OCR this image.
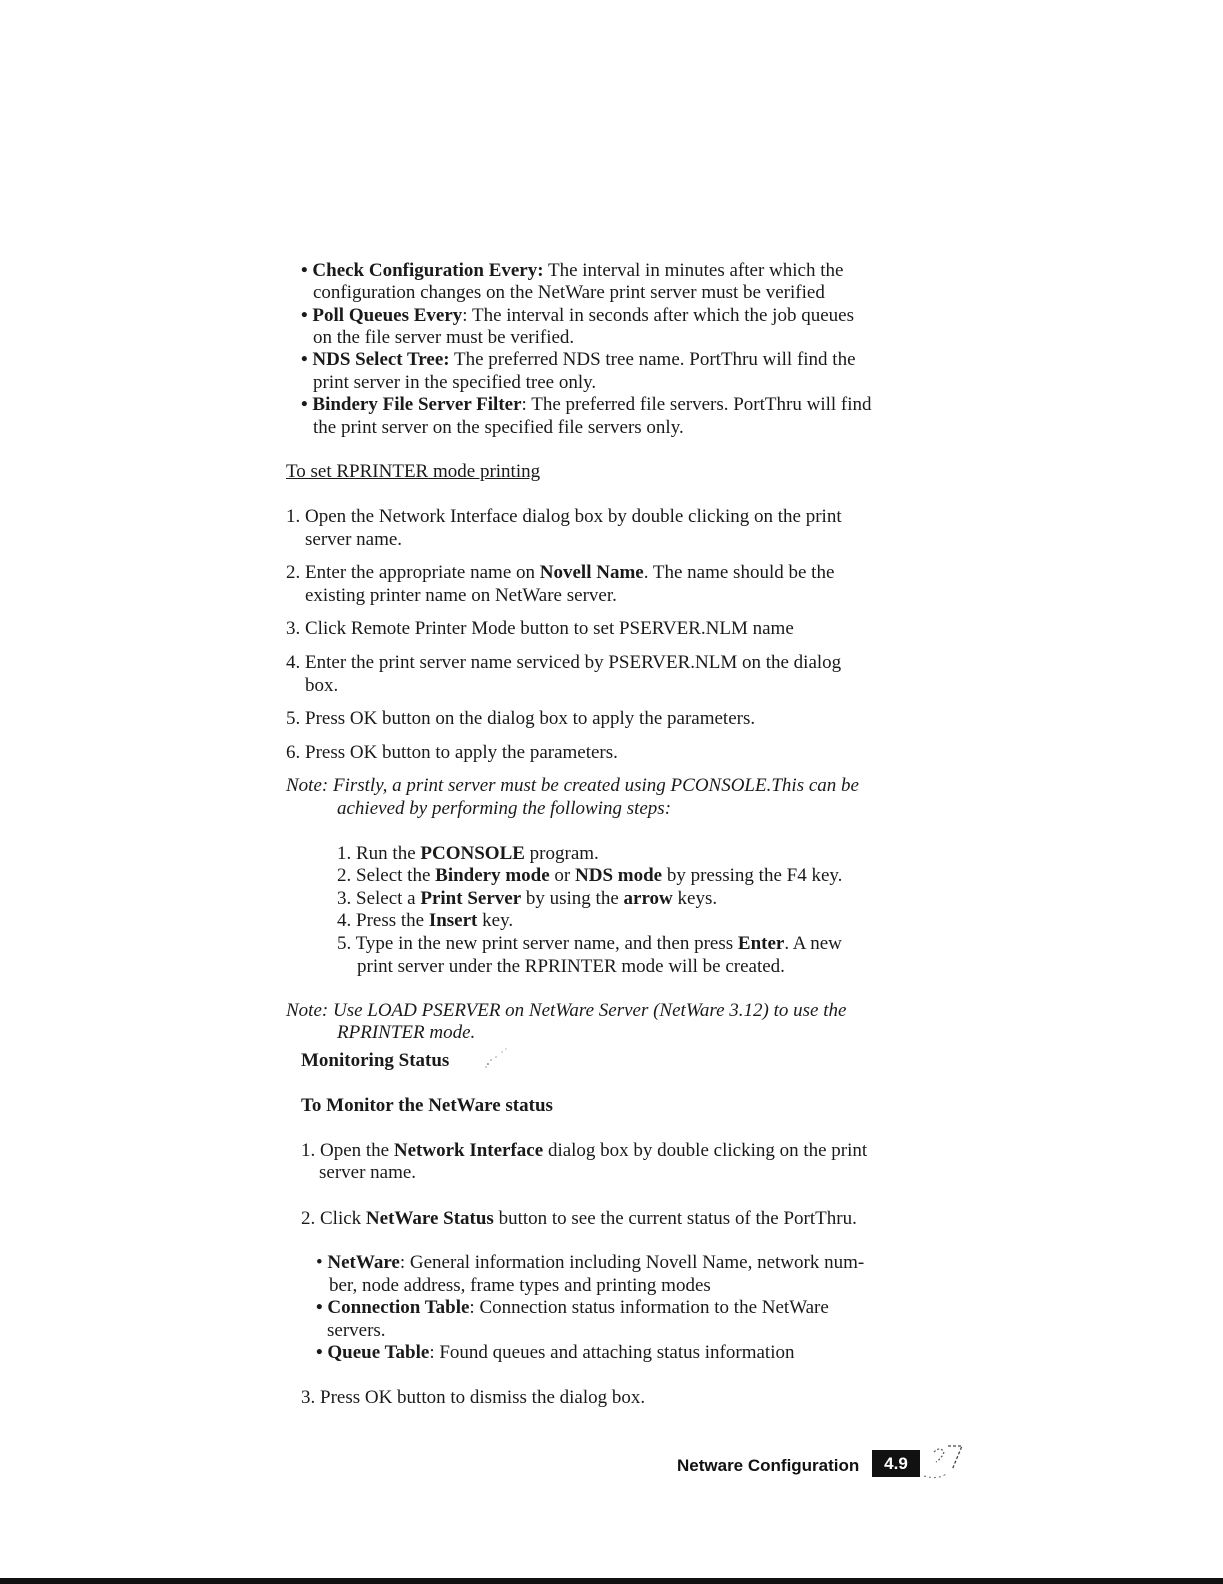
• Check Configuration Every: The interval in minutes after which the
configuration changes on the NetWare print server must be verified
• Poll Queues Every: The interval in seconds after which the job queues
on the file server must be verified.
• NDS Select Tree: The preferred NDS tree name. PortThru will find the
print server in the specified tree only.
• Bindery File Server Filter: The preferred file servers. PortThru will find
the print server on the specified file servers only.
To set RPRINTER mode printing
1. Open the Network Interface dialog box by double clicking on the print
server name.
2. Enter the appropriate name on Novell Name. The name should be the
existing printer name on NetWare server.
3. Click Remote Printer Mode button to set PSERVER.NLM name
4. Enter the print server name serviced by PSERVER.NLM on the dialog
box.
5. Press OK button on the dialog box to apply the parameters.
6. Press OK button to apply the parameters.
Note: Firstly, a print server must be created using PCONSOLE.This can be
achieved by performing the following steps:
1. Run the PCONSOLE program.
2. Select the Bindery mode or NDS mode by pressing the F4 key.
3. Select a Print Server by using the arrow keys.
4. Press the Insert key.
5. Type in the new print server name, and then press Enter. A new
print server under the RPRINTER mode will be created.
Note: Use LOAD PSERVER on NetWare Server (NetWare 3.12) to use the
RPRINTER mode.
Monitoring Status
To Monitor the NetWare status
1. Open the Network Interface dialog box by double clicking on the print
server name.
2. Click NetWare Status button to see the current status of the PortThru.
• NetWare: General information including Novell Name, network num-
ber, node address, frame types and printing modes
• Connection Table: Connection status information to the NetWare
servers.
• Queue Table: Found queues and attaching status information
3. Press OK button to dismiss the dialog box.
Netware Configuration	4.9
